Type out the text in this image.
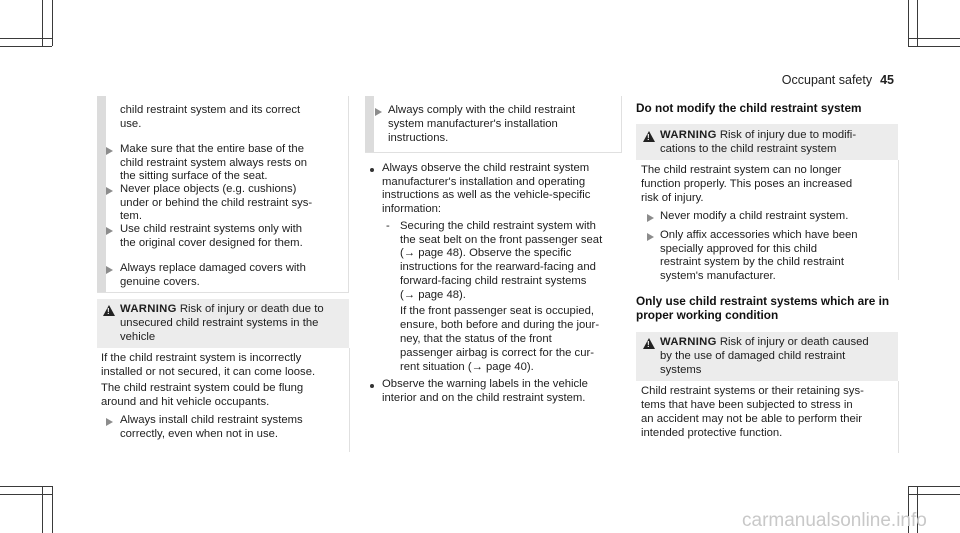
Occupant safety 45
child restraint system and its correct
use.
Make sure that the entire base of the
child restraint system always rests on
the sitting surface of the seat.
Never place objects (e.g. cushions)
under or behind the child restraint sys-
tem.
Use child restraint systems only with
the original cover designed for them.
Always replace damaged covers with
genuine covers.
!
WARNING Risk of injury or death due to
unsecured child restraint systems in the
vehicle
If the child restraint system is incorrectly
installed or not secured, it can come loose.
The child restraint system could be flung
around and hit vehicle occupants.
Always install child restraint systems
correctly, even when not in use.
Always comply with the child restraint
system manufacturer's installation
instructions.
Always observe the child restraint system
manufacturer's installation and operating
instructions as well as the vehicle-specific
information:
- Securing the child restraint system with
the seat belt on the front passenger seat
(→ page 48). Observe the specific
instructions for the rearward-facing and
forward-facing child restraint systems
(→ page 48).
If the front passenger seat is occupied,
ensure, both before and during the jour-
ney, that the status of the front
passenger airbag is correct for the cur-
rent situation (→ page 40).
Observe the warning labels in the vehicle
interior and on the child restraint system.
Do not modify the child restraint system
!
WARNING Risk of injury due to modifi-
cations to the child restraint system
The child restraint system can no longer
function properly. This poses an increased
risk of injury.
Never modify a child restraint system.
Only affix accessories which have been
specially approved for this child
restraint system by the child restraint
system's manufacturer.
Only use child restraint systems which are in
proper working condition
!
WARNING Risk of injury or death caused
by the use of damaged child restraint
systems
Child restraint systems or their retaining sys-
tems that have been subjected to stress in
an accident may not be able to perform their
intended protective function.
carmanualsonline.info
